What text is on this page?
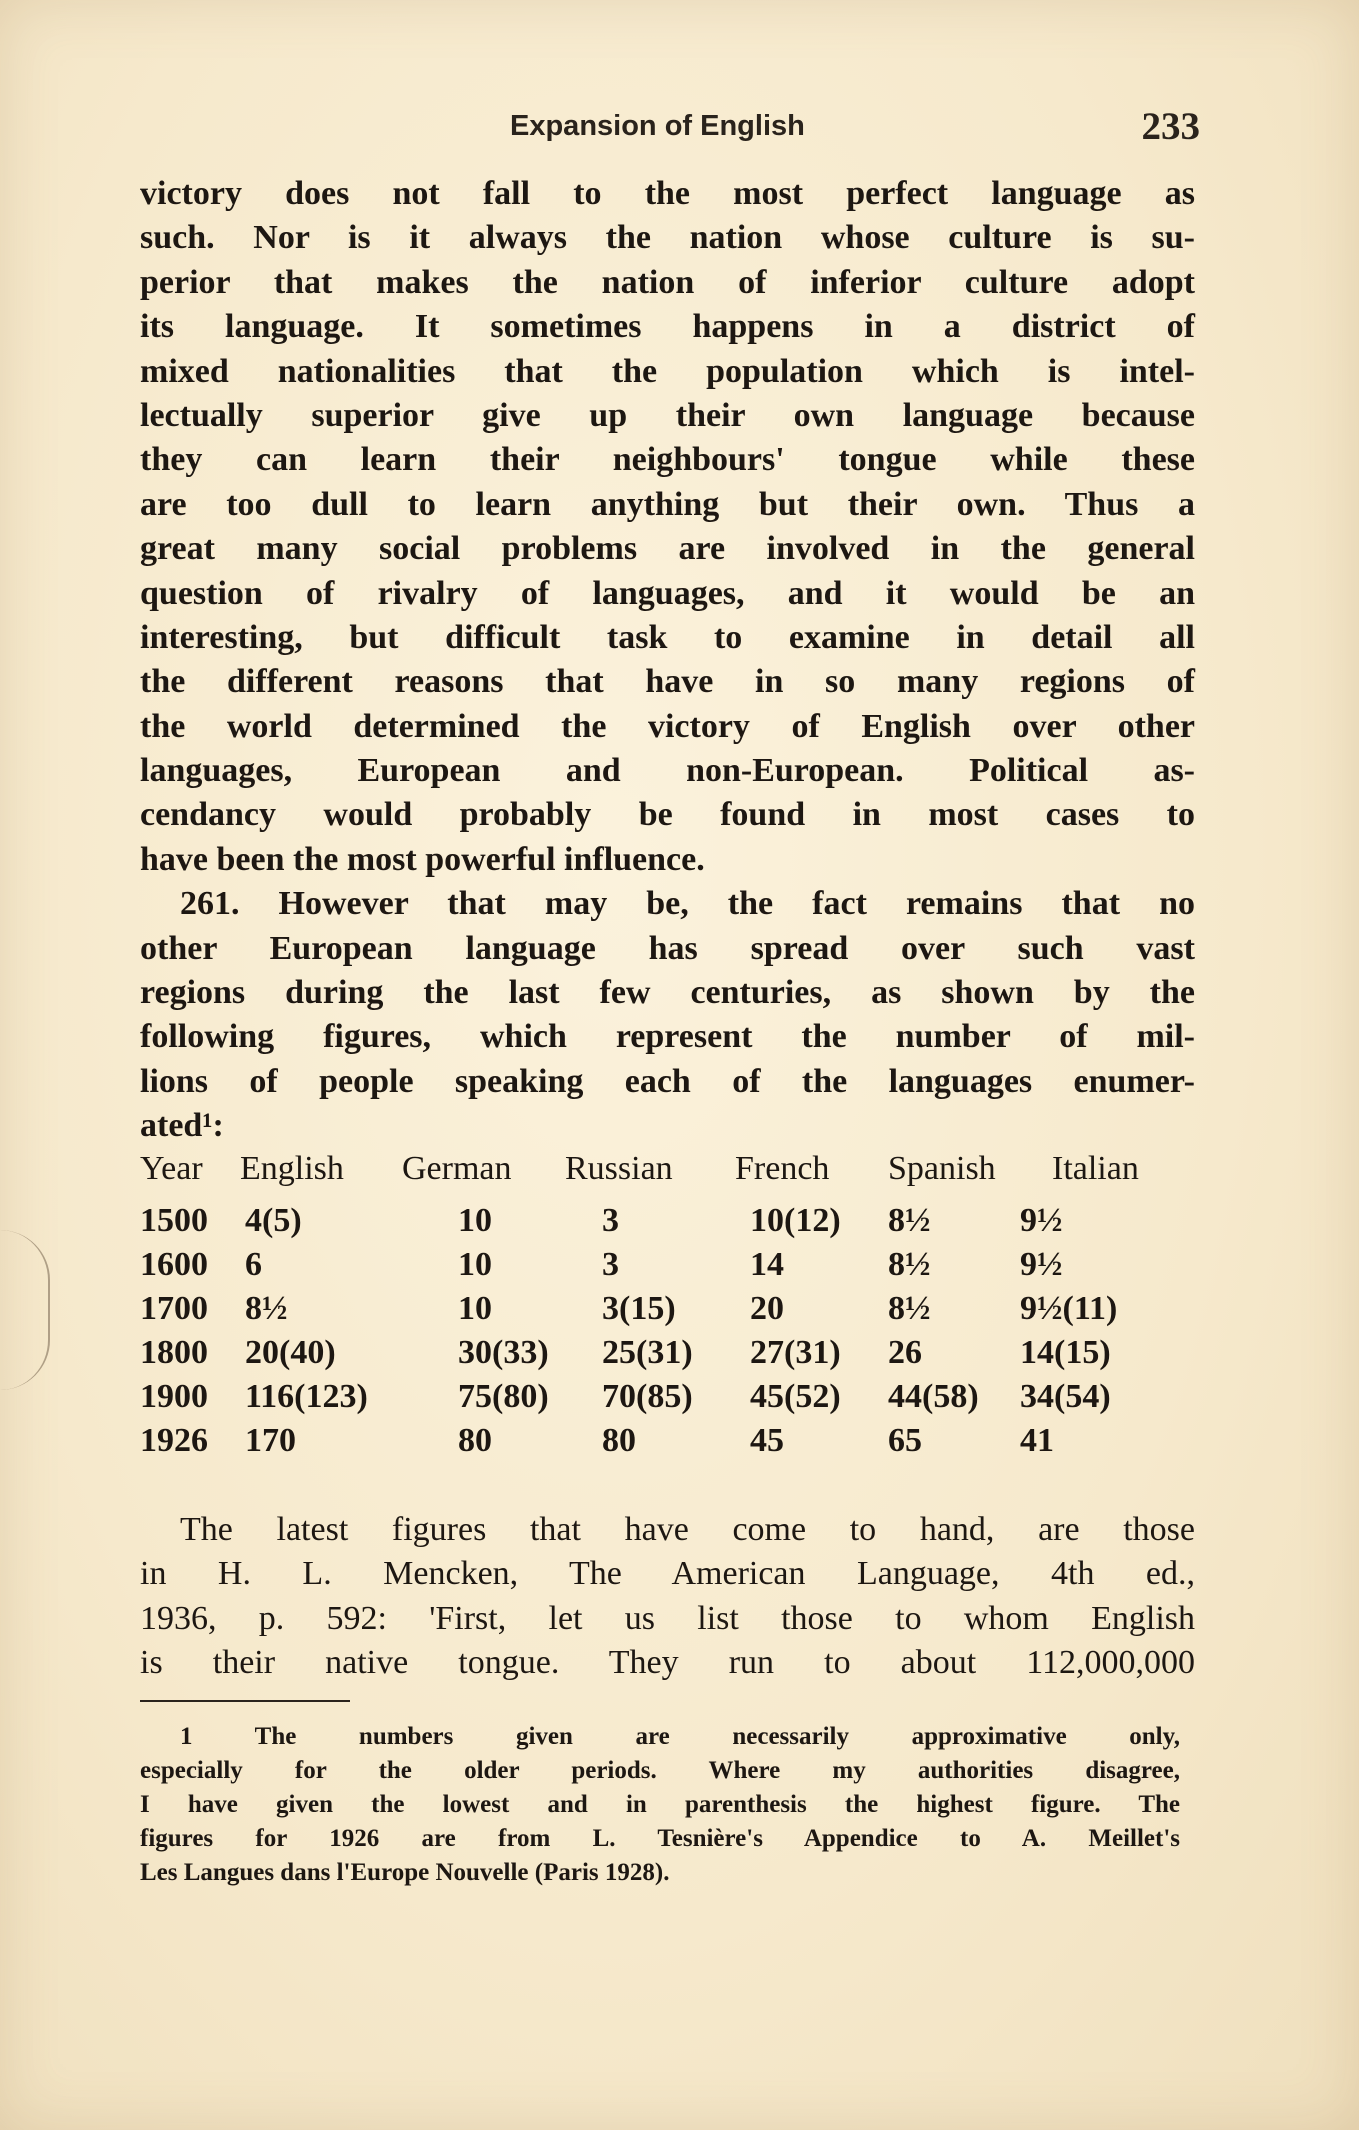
Expansion of English	233
victory does not fall to the most perfect language as
such. Nor is it always the nation whose culture is su-
perior that makes the nation of inferior culture adopt
its language. It sometimes happens in a district of
mixed nationalities that the population which is intel-
lectually superior give up their own language because
they can learn their neighbours' tongue while these
are too dull to learn anything but their own. Thus a
great many social problems are involved in the general
question of rivalry of languages, and it would be an
interesting, but difficult task to examine in detail all
the different reasons that have in so many regions of
the world determined the victory of English over other
languages, European and non-European. Political as-
cendancy would probably be found in most cases to
have been the most powerful influence.
261. However that may be, the fact remains that no
other European language has spread over such vast
regions during the last few centuries, as shown by the
following figures, which represent the number of mil-
lions of people speaking each of the languages enumer-
ated¹:
Year English German Russian French Spanish Italian
1500 4(5)	10	3	10(12) 8½	9½
1600 6	10	3	14	8½	9½
1700 8½	10	3(15) 20	8½	9½(11)
1800 20(40)	30(33) 25(31) 27(31) 26	14(15)
1900 116(123)	75(80) 70(85) 45(52) 44(58) 34(54)
1926 170	80	80	45	65	41
The latest figures that have come to hand, are those
in H. L. Mencken, The American Language, 4th ed.,
1936, p. 592: 'First, let us list those to whom English
is their native tongue. They run to about 112,000,000
1 The numbers given are necessarily approximative only,
especially for the older periods. Where my authorities disagree,
I have given the lowest and in parenthesis the highest figure. The
figures for 1926 are from L. Tesnière's Appendice to A. Meillet's
Les Langues dans l'Europe Nouvelle (Paris 1928).
